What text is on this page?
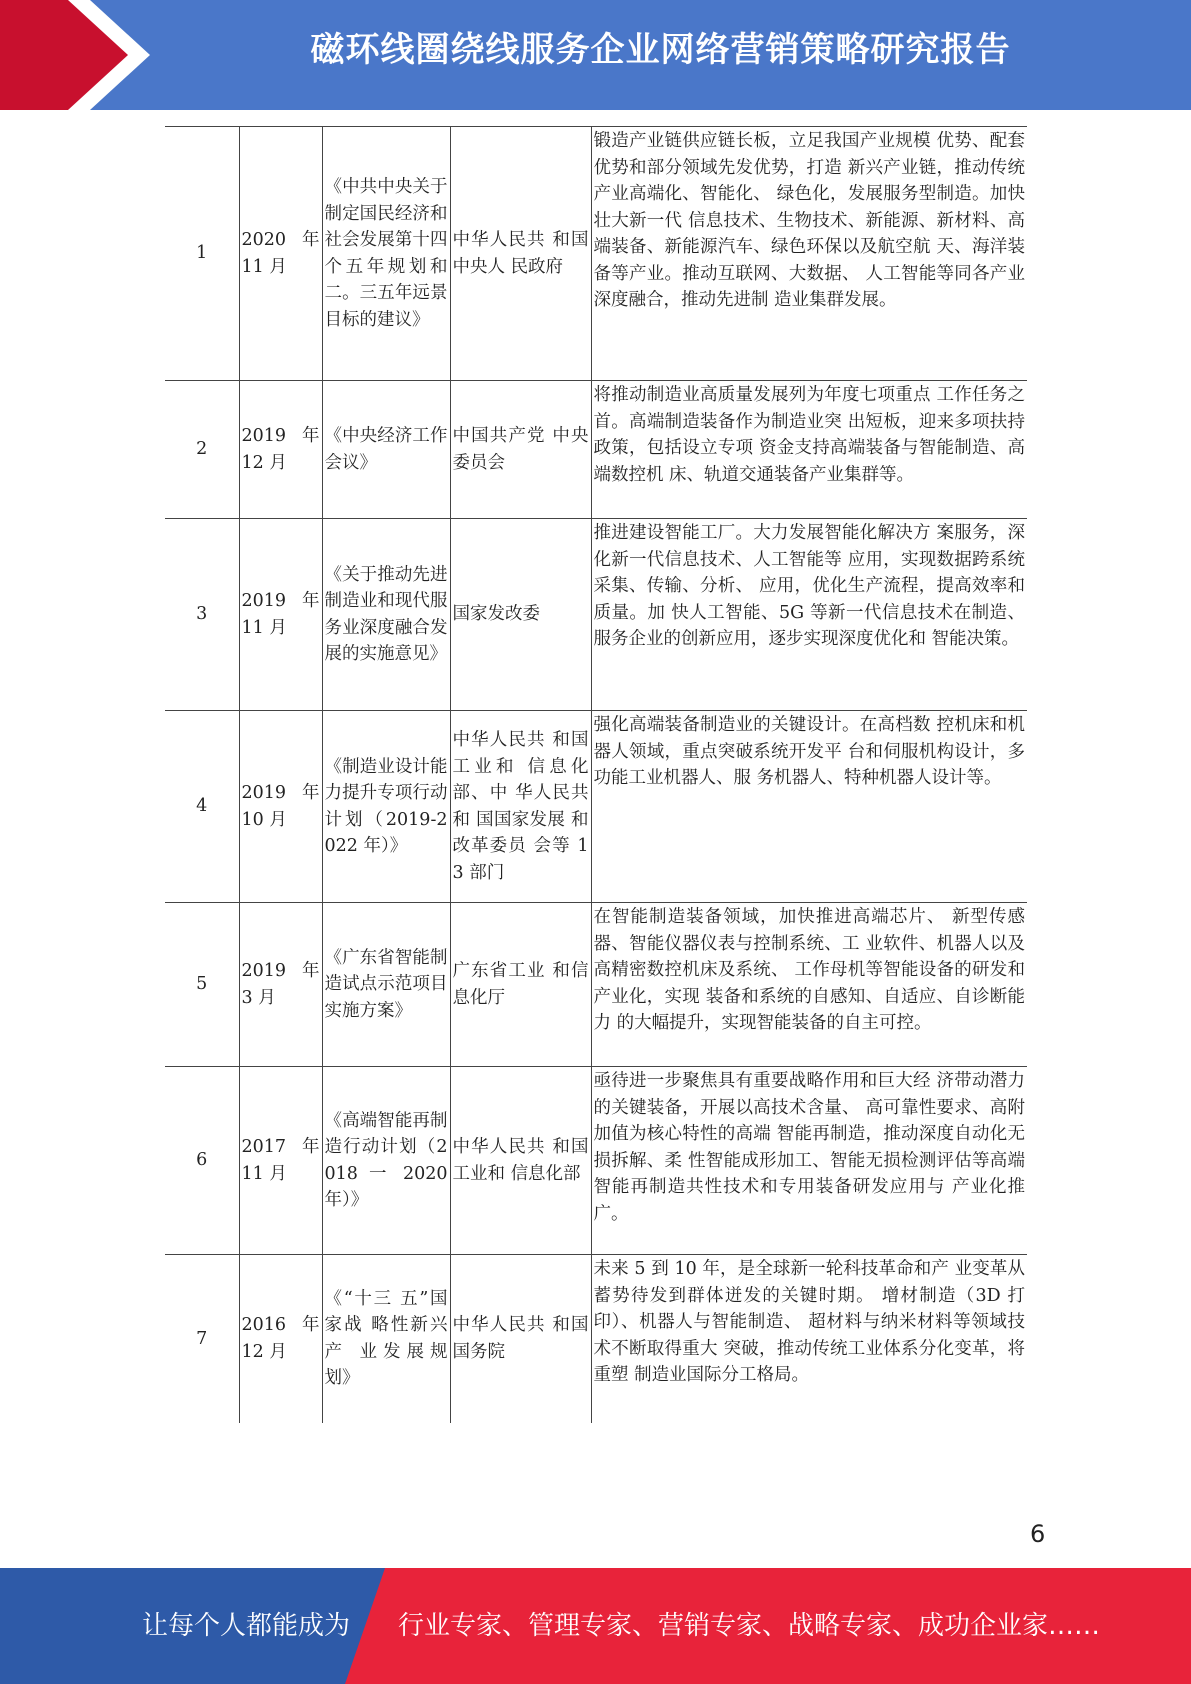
磁环线圈绕线服务企业网络营销策略研究报告
1	2020 年 11 月	《中共中央关于制定国民经济和社会发展第十四个五年规划和二。三五年远景目标的建议》	中华人民共 和国中央人 民政府	锻造产业链供应链长板，立足我国产业规模 优势、配套优势和部分领域先发优势，打造 新兴产业链，推动传统产业高端化、智能化、 绿色化，发展服务型制造。加快壮大新一代 信息技术、生物技术、新能源、新材料、高 端装备、新能源汽车、绿色环保以及航空航 天、海洋装备等产业。推动互联网、大数据、 人工智能等同各产业深度融合，推动先进制 造业集群发展。
2	2019 年 12 月	《中央经济工作会议》	中国共产党 中央委员会	将推动制造业高质量发展列为年度七项重点 工作任务之首。高端制造装备作为制造业突 出短板，迎来多项扶持政策，包括设立专项 资金支持高端装备与智能制造、高端数控机 床、轨道交通装备产业集群等。
3	2019 年 11 月	《关于推动先进制造业和现代服务业深度融合发展的实施意见》	国家发改委	推进建设智能工厂。大力发展智能化解决方 案服务，深化新一代信息技术、人工智能等 应用，实现数据跨系统采集、传输、分析、 应用，优化生产流程，提高效率和质量。加 快人工智能、5G 等新一代信息技术在制造、 服务企业的创新应用，逐步实现深度优化和 智能决策。
4	2019 年 10 月	《制造业设计能力提升专项行动计划（2019-2022 年）》	中华人民共 和国工业和 信息化部、中 华人民共和 国国家发展 和改革委员 会等 13 部门	强化高端装备制造业的关键设计。在高档数 控机床和机器人领域，重点突破系统开发平 台和伺服机构设计，多功能工业机器人、服 务机器人、特种机器人设计等。
5	2019 年 3 月	《广东省智能制造试点示范项目实施方案》	广东省工业 和信息化厅	在智能制造装备领域，加快推进高端芯片、 新型传感器、智能仪器仪表与控制系统、工 业软件、机器人以及高精密数控机床及系统、 工作母机等智能设备的研发和产业化，实现 装备和系统的自感知、自适应、自诊断能力 的大幅提升，实现智能装备的自主可控。
6	2017 年 11 月	《高端智能再制造行动计划（2018 一 2020 年）》	中华人民共 和国工业和 信息化部	亟待进一步聚焦具有重要战略作用和巨大经 济带动潜力的关键装备，开展以高技术含量、 高可靠性要求、高附加值为核心特性的高端 智能再制造，推动深度自动化无损拆解、柔 性智能成形加工、智能无损检测评估等高端 智能再制造共性技术和专用装备研发应用与 产业化推广。
7	2016 年 12 月	《“十三 五”国家战 略性新兴产 业发展规 划》	中华人民共 和国国务院	未来 5 到 10 年，是全球新一轮科技革命和产 业变革从蓄势待发到群体迸发的关键时期。 增材制造（3D 打印）、机器人与智能制造、 超材料与纳米材料等领域技术不断取得重大 突破，推动传统工业体系分化变革，将重塑 制造业国际分工格局。
6
让每个人都能成为 行业专家、管理专家、营销专家、战略专家、成功企业家……
